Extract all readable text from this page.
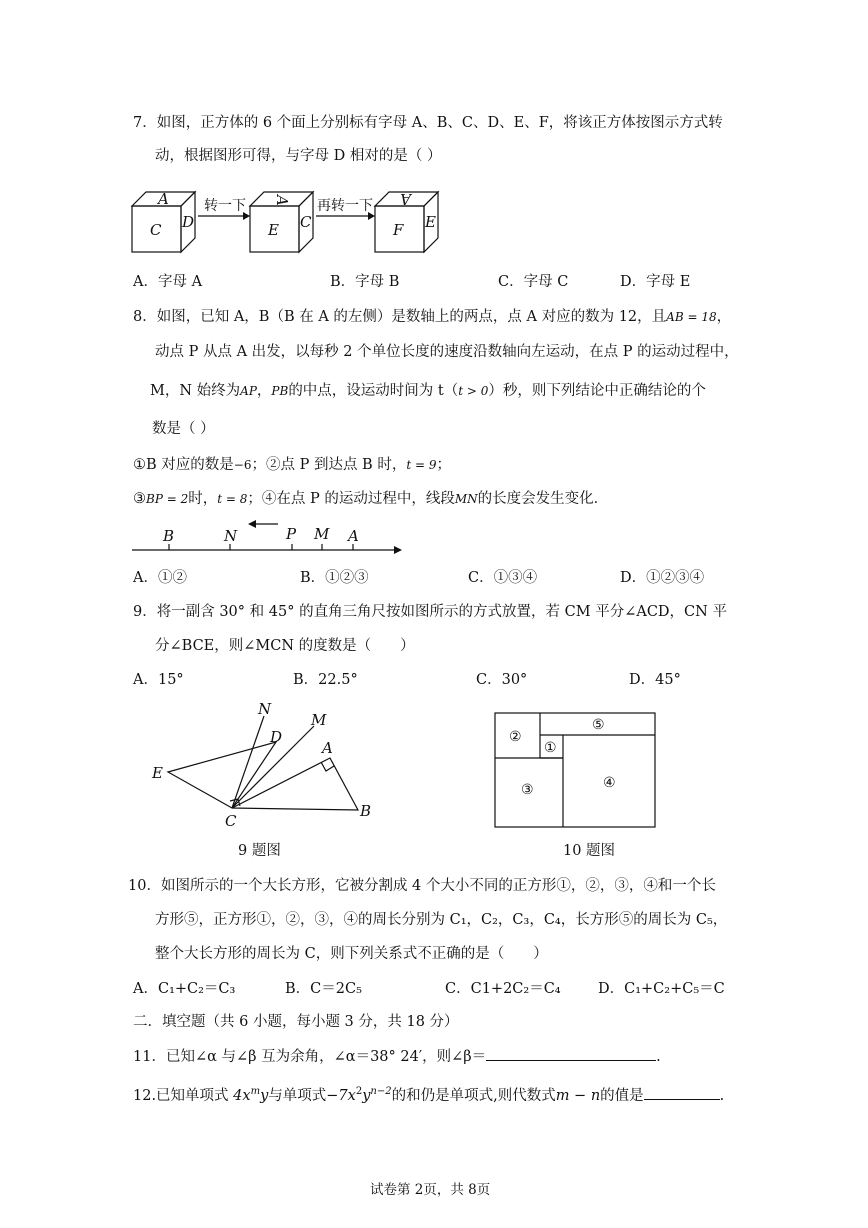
7．如图，正方体的 6 个面上分别标有字母 A、B、C、D、E、F，将该正方体按图示方式转
动，根据图形可得，与字母 D 相对的是（ ）
A
C D
A
E C
A
F E
转一下	再转一下
A．字母 A	B．字母 B	C．字母 C	D．字母 E
8．如图，已知 A，B（B 在 A 的左侧）是数轴上的两点，点 A 对应的数为 12，且AB = 18，
动点 P 从点 A 出发，以每秒 2 个单位长度的速度沿数轴向左运动，在点 P 的运动过程中，
M，N 始终为AP，PB的中点，设运动时间为 t（t > 0）秒，则下列结论中正确结论的个
数是（ ）
①B 对应的数是−6；②点 P 到达点 B 时，t = 9；
③BP = 2时，t = 8；④在点 P 的运动过程中，线段MN的长度会发生变化．
B	N	P M A
A．①②	B．①②③	C．①③④	D．①②③④
9．将一副含 30° 和 45° 的直角三角尺按如图所示的方式放置，若 CM 平分∠ACD，CN 平
分∠BCE，则∠MCN 的度数是（　　）
A．15°	B．22.5°	C．30°	D．45°
N
M
D
A
E
C
B
9 题图
②
①
⑤
③	④
10 题图
10．如图所示的一个大长方形，它被分割成 4 个大小不同的正方形①，②，③，④和一个长
方形⑤，正方形①，②，③，④的周长分别为 C₁，C₂，C₃，C₄，长方形⑤的周长为 C₅，
整个大长方形的周长为 C，则下列关系式不正确的是（　　）
A．C₁+C₂＝C₃	B．C＝2C₅	C．C1+2C₂＝C₄	D．C₁+C₂+C₅＝C
二．填空题（共 6 小题，每小题 3 分，共 18 分）
11．已知∠α 与∠β 互为余角，∠α＝38° 24′，则∠β＝	.
12.已知单项式 $4x^my$与单项式$-7x^2y^{n-2}$的和仍是单项式,则代数式m − n的值是	.
试卷第 2页，共 8页
